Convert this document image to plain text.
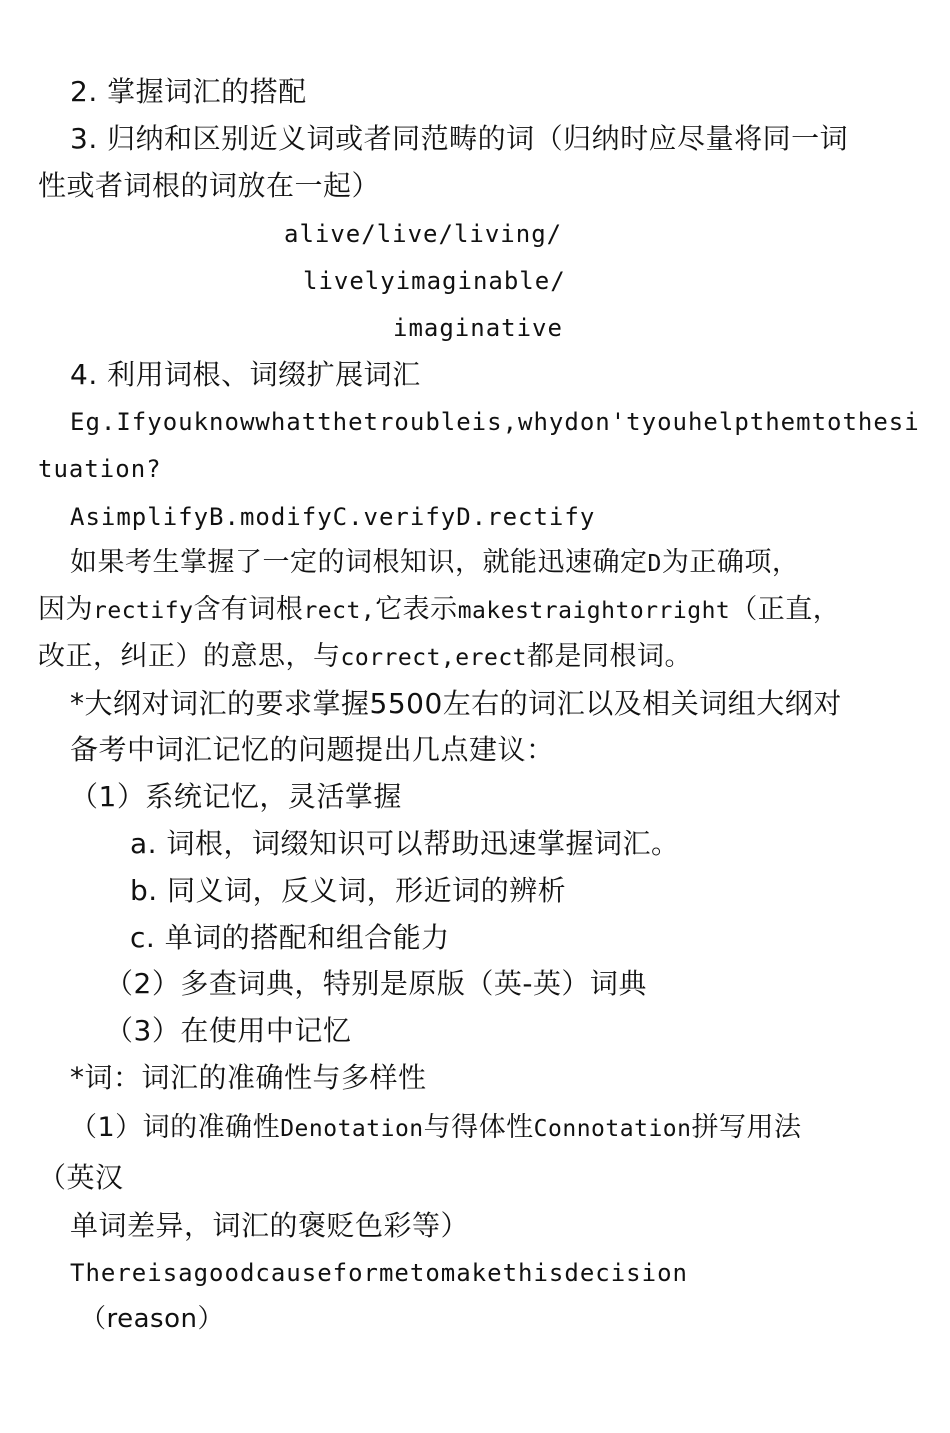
2. 掌握词汇的搭配
3. 归纳和区别近义词或者同范畴的词（归纳时应尽量将同一词
性或者词根的词放在一起）
alive/live/living/
livelyimaginable/
imaginative
4. 利用词根、词缀扩展词汇
Eg.Ifyouknowwhatthetroubleis,whydon'tyouhelpthemtothesi
tuation?
AsimplifyB.modifyC.verifyD.rectify
如果考生掌握了一定的词根知识，就能迅速确定D为正确项，
因为rectify含有词根rect,它表示makestraightorright（正直，
改正，纠正）的意思，与correct,erect都是同根词。
*大纲对词汇的要求掌握5500左右的词汇以及相关词组大纲对
备考中词汇记忆的问题提出几点建议：
（1）系统记忆，灵活掌握
a. 词根，词缀知识可以帮助迅速掌握词汇。
b. 同义词，反义词，形近词的辨析
c. 单词的搭配和组合能力
（2）多查词典，特别是原版（英-英）词典
（3）在使用中记忆
*词：词汇的准确性与多样性
（1）词的准确性Denotation与得体性Connotation拼写用法
（英汉
单词差异，词汇的褒贬色彩等）
Thereisagoodcauseformetomakethisdecision
（reason）
